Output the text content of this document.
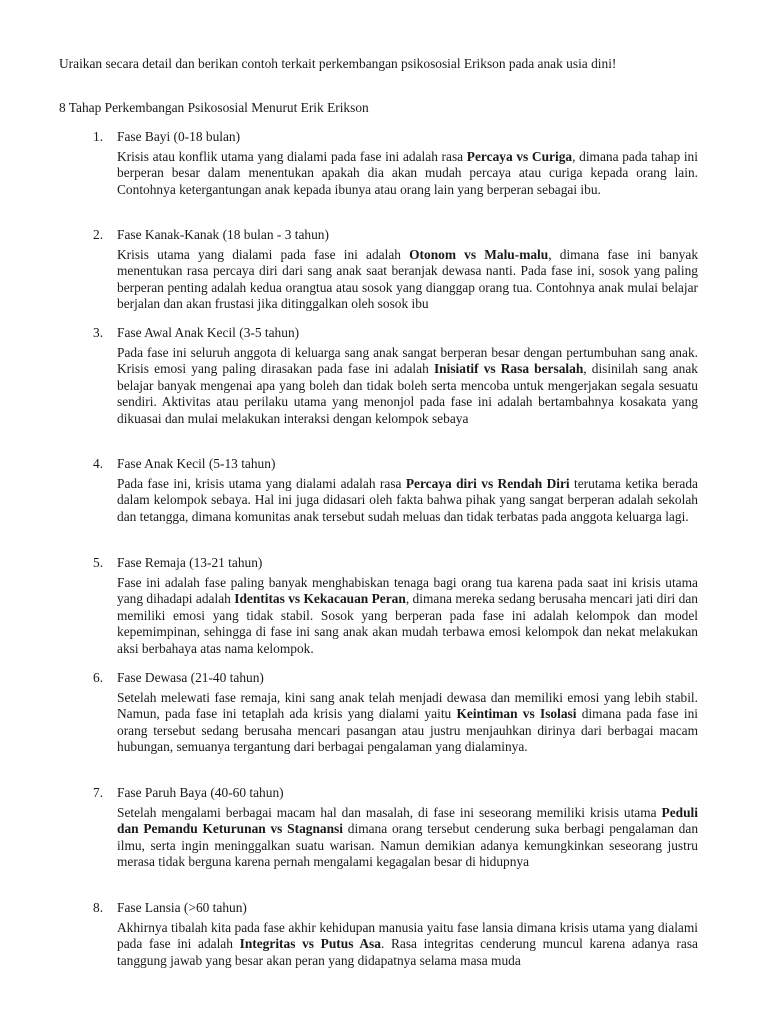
Uraikan secara detail dan berikan contoh terkait perkembangan psikososial Erikson pada anak usia dini!
8 Tahap Perkembangan Psikososial Menurut Erik Erikson
1. Fase Bayi (0-18 bulan)
Krisis atau konflik utama yang dialami pada fase ini adalah rasa Percaya vs Curiga, dimana pada tahap ini berperan besar dalam menentukan apakah dia akan mudah percaya atau curiga kepada orang lain. Contohnya ketergantungan anak kepada ibunya atau orang lain yang berperan sebagai ibu.
2. Fase Kanak-Kanak (18 bulan - 3 tahun)
Krisis utama yang dialami pada fase ini adalah Otonom vs Malu-malu, dimana fase ini banyak menentukan rasa percaya diri dari sang anak saat beranjak dewasa nanti. Pada fase ini, sosok yang paling berperan penting adalah kedua orangtua atau sosok yang dianggap orang tua. Contohnya anak mulai belajar berjalan dan akan frustasi jika ditinggalkan oleh sosok ibu
3. Fase Awal Anak Kecil (3-5 tahun)
Pada fase ini seluruh anggota di keluarga sang anak sangat berperan besar dengan pertumbuhan sang anak. Krisis emosi yang paling dirasakan pada fase ini adalah Inisiatif vs Rasa bersalah, disinilah sang anak belajar banyak mengenai apa yang boleh dan tidak boleh serta mencoba untuk mengerjakan segala sesuatu sendiri. Aktivitas atau perilaku utama yang menonjol pada fase ini adalah bertambahnya kosakata yang dikuasai dan mulai melakukan interaksi dengan kelompok sebaya
4. Fase Anak Kecil (5-13 tahun)
Pada fase ini, krisis utama yang dialami adalah rasa Percaya diri vs Rendah Diri terutama ketika berada dalam kelompok sebaya. Hal ini juga didasari oleh fakta bahwa pihak yang sangat berperan adalah sekolah dan tetangga, dimana komunitas anak tersebut sudah meluas dan tidak terbatas pada anggota keluarga lagi.
5. Fase Remaja (13-21 tahun)
Fase ini adalah fase paling banyak menghabiskan tenaga bagi orang tua karena pada saat ini krisis utama yang dihadapi adalah Identitas vs Kekacauan Peran, dimana mereka sedang berusaha mencari jati diri dan memiliki emosi yang tidak stabil. Sosok yang berperan pada fase ini adalah kelompok dan model kepemimpinan, sehingga di fase ini sang anak akan mudah terbawa emosi kelompok dan nekat melakukan aksi berbahaya atas nama kelompok.
6. Fase Dewasa (21-40 tahun)
Setelah melewati fase remaja, kini sang anak telah menjadi dewasa dan memiliki emosi yang lebih stabil. Namun, pada fase ini tetaplah ada krisis yang dialami yaitu Keintiman vs Isolasi dimana pada fase ini orang tersebut sedang berusaha mencari pasangan atau justru menjauhkan dirinya dari berbagai macam hubungan, semuanya tergantung dari berbagai pengalaman yang dialaminya.
7. Fase Paruh Baya (40-60 tahun)
Setelah mengalami berbagai macam hal dan masalah, di fase ini seseorang memiliki krisis utama Peduli dan Pemandu Keturunan vs Stagnansi dimana orang tersebut cenderung suka berbagi pengalaman dan ilmu, serta ingin meninggalkan suatu warisan. Namun demikian adanya kemungkinkan seseorang justru merasa tidak berguna karena pernah mengalami kegagalan besar di hidupnya
8. Fase Lansia (>60 tahun)
Akhirnya tibalah kita pada fase akhir kehidupan manusia yaitu fase lansia dimana krisis utama yang dialami pada fase ini adalah Integritas vs Putus Asa. Rasa integritas cenderung muncul karena adanya rasa tanggung jawab yang besar akan peran yang didapatnya selama masa muda
